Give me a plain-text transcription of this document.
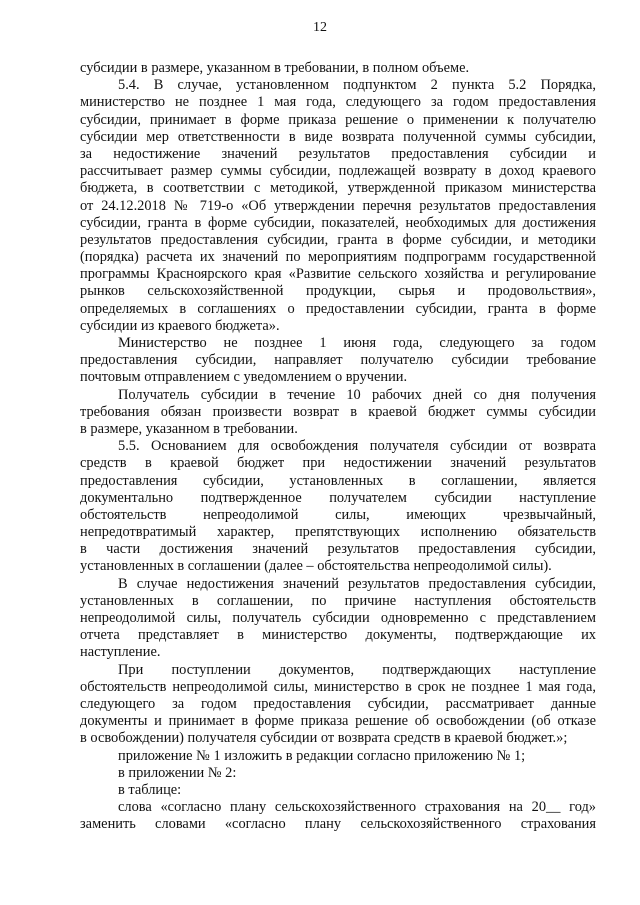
12
субсидии в размере, указанном в требовании, в полном объеме.
5.4. В случае, установленном подпунктом 2 пункта 5.2 Порядка,
министерство не позднее 1 мая года, следующего за годом предоставления
субсидии, принимает в форме приказа решение о применении к получателю
субсидии мер ответственности в виде возврата полученной суммы субсидии,
за недостижение значений результатов предоставления субсидии и
рассчитывает размер суммы субсидии, подлежащей возврату в доход краевого
бюджета, в соответствии с методикой, утвержденной приказом министерства
от 24.12.2018 № 719-о «Об утверждении перечня результатов предоставления
субсидии, гранта в форме субсидии, показателей, необходимых для достижения
результатов предоставления субсидии, гранта в форме субсидии, и методики
(порядка) расчета их значений по мероприятиям подпрограмм государственной
программы Красноярского края «Развитие сельского хозяйства и регулирование
рынков сельскохозяйственной продукции, сырья и продовольствия»,
определяемых в соглашениях о предоставлении субсидии, гранта в форме
субсидии из краевого бюджета».
Министерство не позднее 1 июня года, следующего за годом
предоставления субсидии, направляет получателю субсидии требование
почтовым отправлением с уведомлением о вручении.
Получатель субсидии в течение 10 рабочих дней со дня получения
требования обязан произвести возврат в краевой бюджет суммы субсидии
в размере, указанном в требовании.
5.5. Основанием для освобождения получателя субсидии от возврата
средств в краевой бюджет при недостижении значений результатов
предоставления субсидии, установленных в соглашении, является
документально подтвержденное получателем субсидии наступление
обстоятельств непреодолимой силы, имеющих чрезвычайный,
непредотвратимый характер, препятствующих исполнению обязательств
в части достижения значений результатов предоставления субсидии,
установленных в соглашении (далее – обстоятельства непреодолимой силы).
В случае недостижения значений результатов предоставления субсидии,
установленных в соглашении, по причине наступления обстоятельств
непреодолимой силы, получатель субсидии одновременно с представлением
отчета представляет в министерство документы, подтверждающие их
наступление.
При поступлении документов, подтверждающих наступление
обстоятельств непреодолимой силы, министерство в срок не позднее 1 мая года,
следующего за годом предоставления субсидии, рассматривает данные
документы и принимает в форме приказа решение об освобождении (об отказе
в освобождении) получателя субсидии от возврата средств в краевой бюджет.»;
приложение № 1 изложить в редакции согласно приложению № 1;
в приложении № 2:
в таблице:
слова «согласно плану сельскохозяйственного страхования на 20__ год»
заменить словами «согласно плану сельскохозяйственного страхования
